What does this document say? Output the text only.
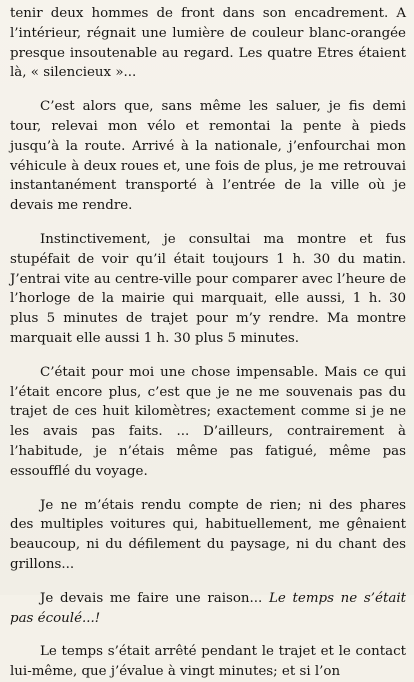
tenir deux hommes de front dans son encadrement. A l’intérieur, régnait une lumière de couleur blanc-orangée presque insoutenable au regard. Les quatre Etres étaient là, « silencieux »...

C’est alors que, sans même les saluer, je fis demi tour, relevai mon vélo et remontai la pente à pieds jusqu’à la route. Arrivé à la nationale, j’enfourchai mon véhicule à deux roues et, une fois de plus, je me retrouvai instantanément transporté à l’entrée de la ville où je devais me rendre.

Instinctivement, je consultai ma montre et fus stupéfait de voir qu’il était toujours 1 h. 30 du matin. J’entrai vite au centre-ville pour comparer avec l’heure de l’horloge de la mairie qui marquait, elle aussi, 1 h. 30 plus 5 minutes de trajet pour m’y rendre. Ma montre marquait elle aussi 1 h. 30 plus 5 minutes.

C’était pour moi une chose impensable. Mais ce qui l’était encore plus, c’est que je ne me souvenais pas du trajet de ces huit kilomètres; exactement comme si je ne les avais pas faits. ... D’ailleurs, contrairement à l’habitude, je n’étais même pas fatigué, même pas essoufflé du voyage.

Je ne m’étais rendu compte de rien; ni des phares des multiples voitures qui, habituellement, me gênaient beaucoup, ni du défilement du paysage, ni du chant des grillons...

Je devais me faire une raison... Le temps ne s’était pas écoulé...!

Le temps s’était arrêté pendant le trajet et le contact lui-même, que j’évalue à vingt minutes; et si l’on
